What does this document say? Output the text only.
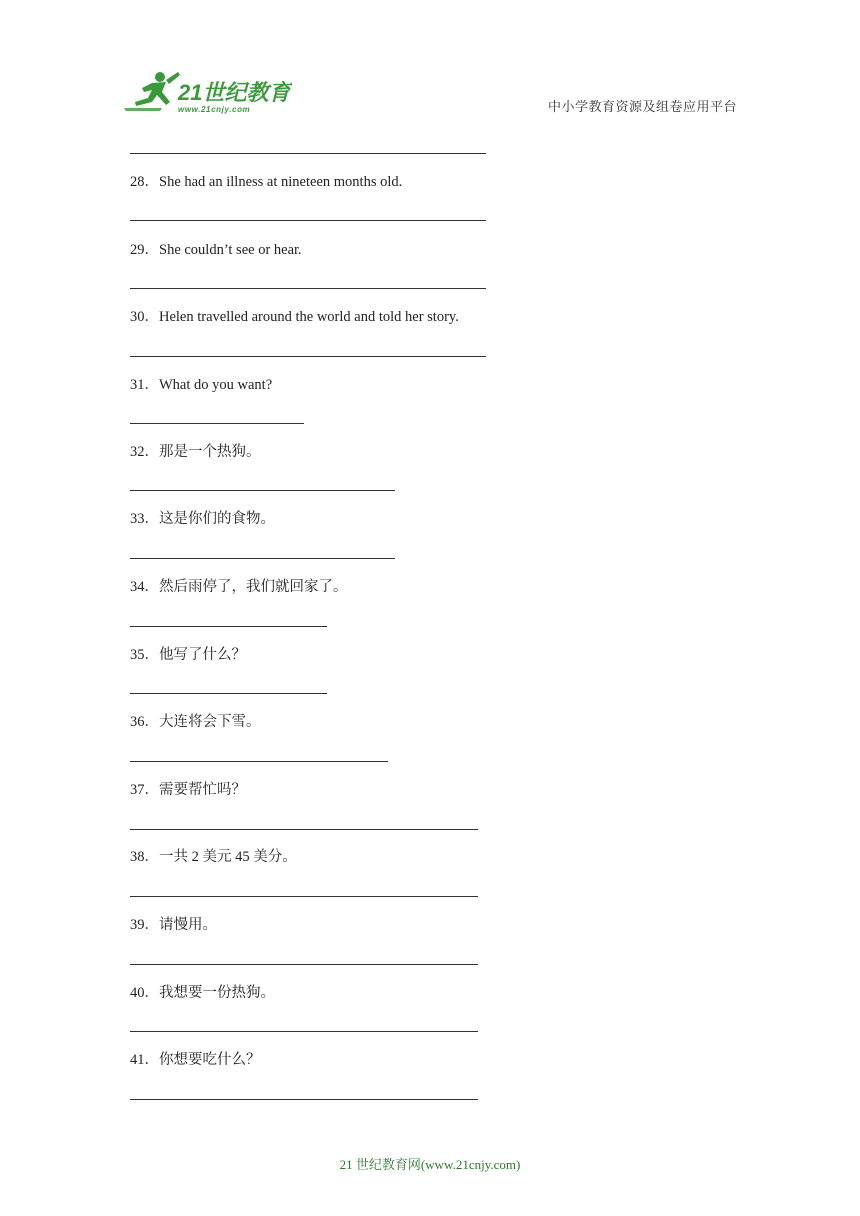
21世纪教育
www.21cnjy.com	中小学教育资源及组卷应用平台
28．She had an illness at nineteen months old.
29．She couldn’t see or hear.
30．Helen travelled around the world and told her story.
31．What do you want?
32．那是一个热狗。
33．这是你们的食物。
34．然后雨停了，我们就回家了。
35．他写了什么？
36．大连将会下雪。
37．需要帮忙吗？
38．一共 2 美元 45 美分。
39．请慢用。
40．我想要一份热狗。
41．你想要吃什么？
21 世纪教育网(www.21cnjy.com)
